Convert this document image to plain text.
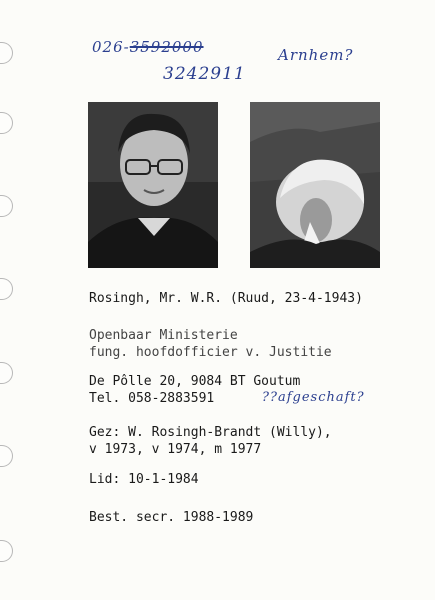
026-3592000
3242911
Arnhem?
Rosingh, Mr. W.R. (Ruud, 23-4-1943)
Openbaar Ministerie
fung. hoofdofficier v. Justitie
De Pôlle 20, 9084 BT Goutum
Tel. 058-2883591	??afgeschaft?
Gez: W. Rosingh-Brandt (Willy),
v 1973, v 1974, m 1977
Lid: 10-1-1984
Best. secr. 1988-1989
